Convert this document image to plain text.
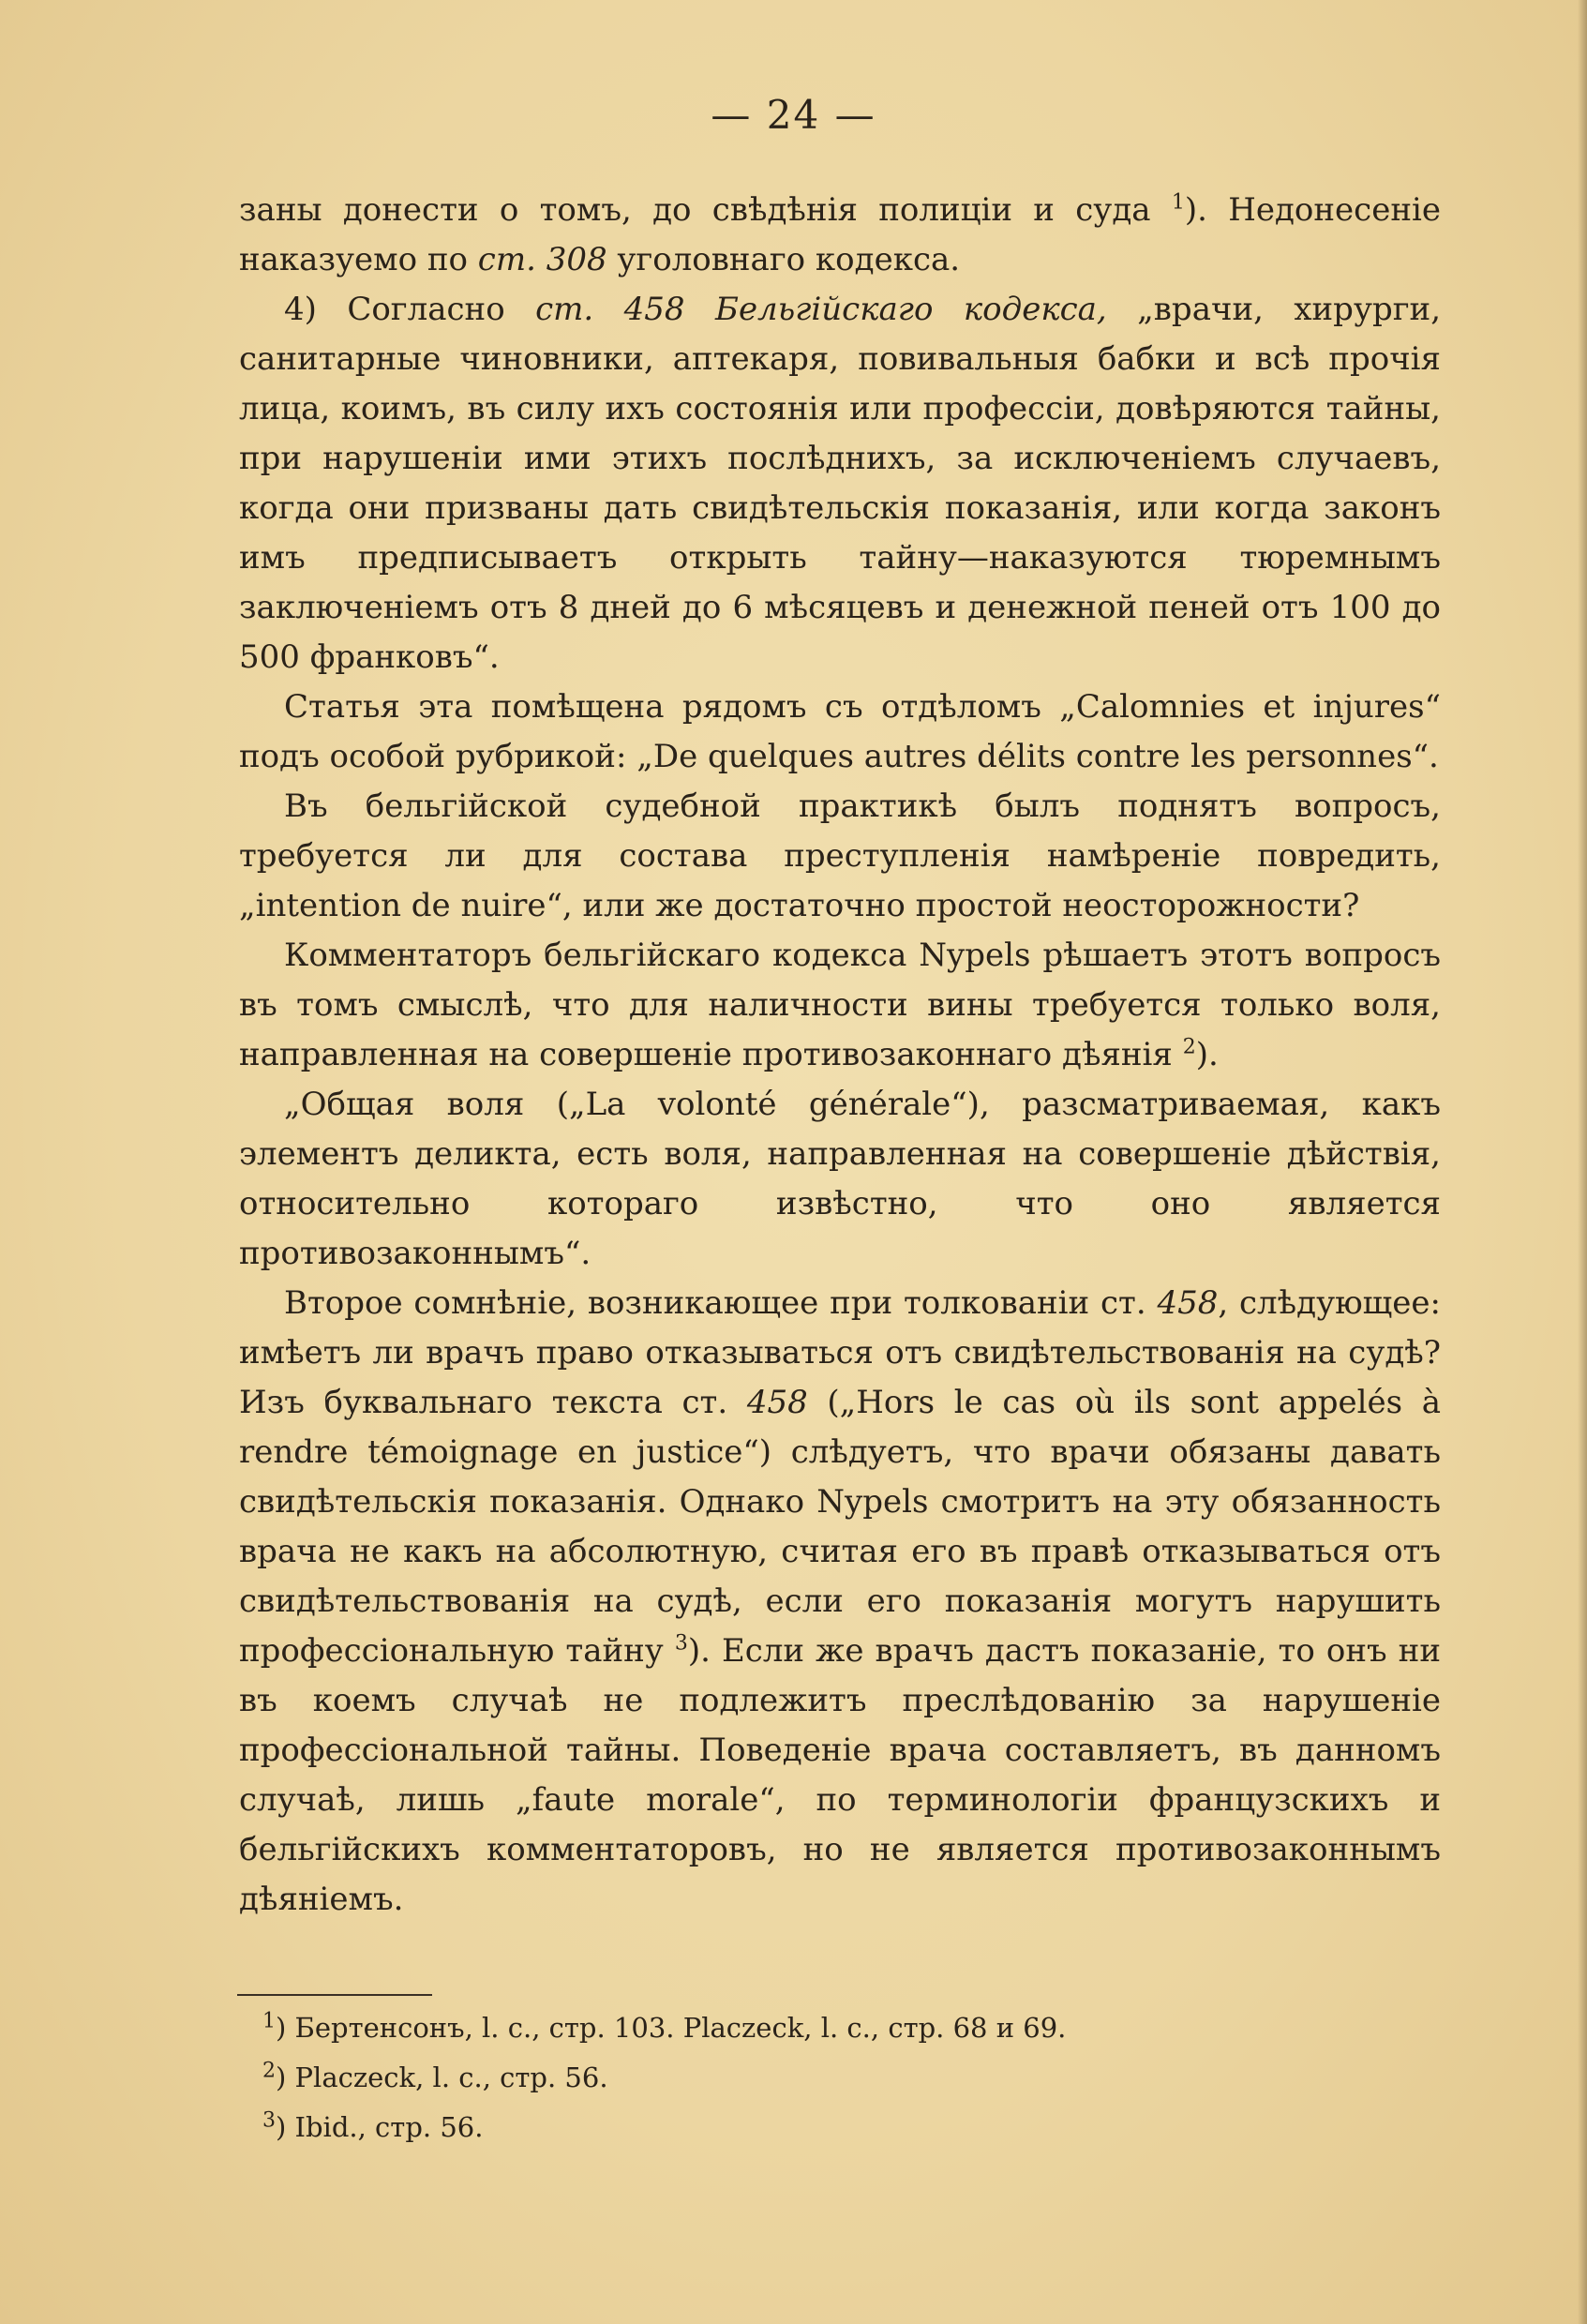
— 24 —

заны донести о томъ, до свѣдѣнія полиціи и суда $^1$). Недонесеніе наказуемо по ст. 308 уголовнаго кодекса.

4) Согласно ст. 458 Бельгійскаго кодекса, „врачи, хирурги, санитарные чиновники, аптекаря, повивальныя бабки и всѣ прочія лица, коимъ, въ силу ихъ состоянія или профессіи, довѣряются тайны, при нарушеніи ими этихъ послѣднихъ, за исключеніемъ случаевъ, когда они призваны дать свидѣтельскія показанія, или когда законъ имъ предписываетъ открыть тайну—наказуются тюремнымъ заключеніемъ отъ 8 дней до 6 мѣсяцевъ и денежной пеней отъ 100 до 500 франковъ“.

Статья эта помѣщена рядомъ съ отдѣломъ „Calomnies et injures“ подъ особой рубрикой: „De quelques autres délits contre les personnes“.

Въ бельгійской судебной практикѣ былъ поднятъ вопросъ, требуется ли для состава преступленія намѣреніе повредить, „intention de nuire“, или же достаточно простой неосторожности?

Комментаторъ бельгійскаго кодекса Nypels рѣшаетъ этотъ вопросъ въ томъ смыслѣ, что для наличности вины требуется только воля, направленная на совершеніе противозаконнаго дѣянія $^2$).

„Общая воля („La volonté générale“), разсматриваемая, какъ элементъ деликта, есть воля, направленная на совершеніе дѣйствія, относительно котораго извѣстно, что оно является противозаконнымъ“.

Второе сомнѣніе, возникающее при толкованіи ст. 458, слѣдующее: имѣетъ ли врачъ право отказываться отъ свидѣтельствованія на судѣ? Изъ буквальнаго текста ст. 458 („Hors le cas où ils sont appelés à rendre témoignage en justice“) слѣдуетъ, что врачи обязаны давать свидѣтельскія показанія. Однако Nypels смотритъ на эту обязанность врача не какъ на абсолютную, считая его въ правѣ отказываться отъ свидѣтельствованія на судѣ, если его показанія могутъ нарушить профессіональную тайну $^3$). Если же врачъ дастъ показаніе, то онъ ни въ коемъ случаѣ не подлежитъ преслѣдованію за нарушеніе профессіональной тайны. Поведеніе врача составляетъ, въ данномъ случаѣ, лишь „faute morale“, по терминологіи французскихъ и бельгійскихъ комментаторовъ, но не является противозаконнымъ дѣяніемъ.

$^1$) Бертенсонъ, l. c., стр. 103. Placzeck, l. c., стр. 68 и 69.
$^2$) Placzeck, l. c., стр. 56.
$^3$) Ibid., стр. 56.
